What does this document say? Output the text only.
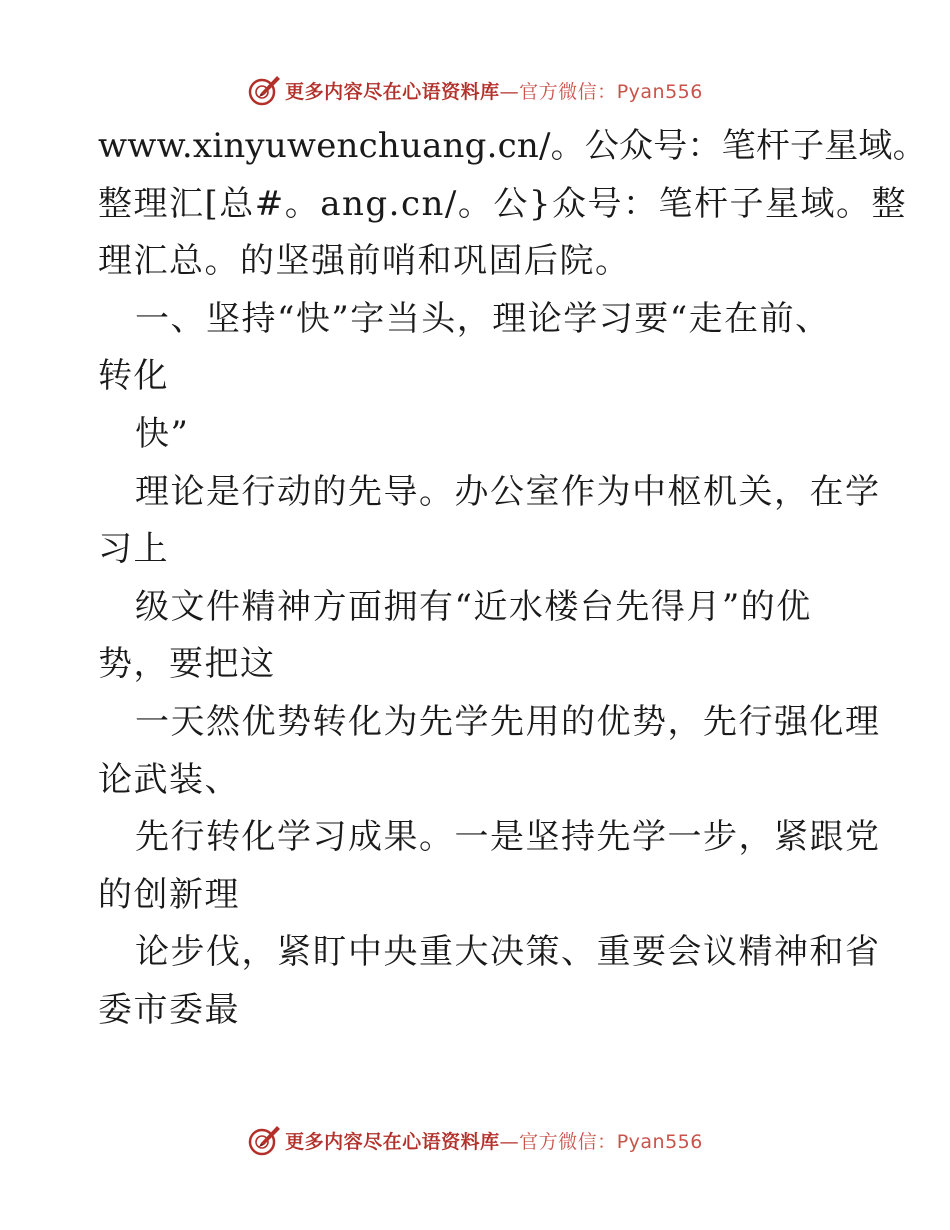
更多内容尽在心语资料库—官方微信：Pyan556
www.xinyuwenchuang.cn/。公众号：笔杆子星域。
整理汇[总#。ang.cn/。公}众号：笔杆子星域。整
理汇总。的坚强前哨和巩固后院。
一、坚持“快”字当头，理论学习要“走在前、
转化
快”
理论是行动的先导。办公室作为中枢机关，在学
习上
级文件精神方面拥有“近水楼台先得月”的优
势，要把这
一天然优势转化为先学先用的优势，先行强化理
论武装、
先行转化学习成果。一是坚持先学一步，紧跟党
的创新理
论步伐，紧盯中央重大决策、重要会议精神和省
委市委最
更多内容尽在心语资料库—官方微信：Pyan556
